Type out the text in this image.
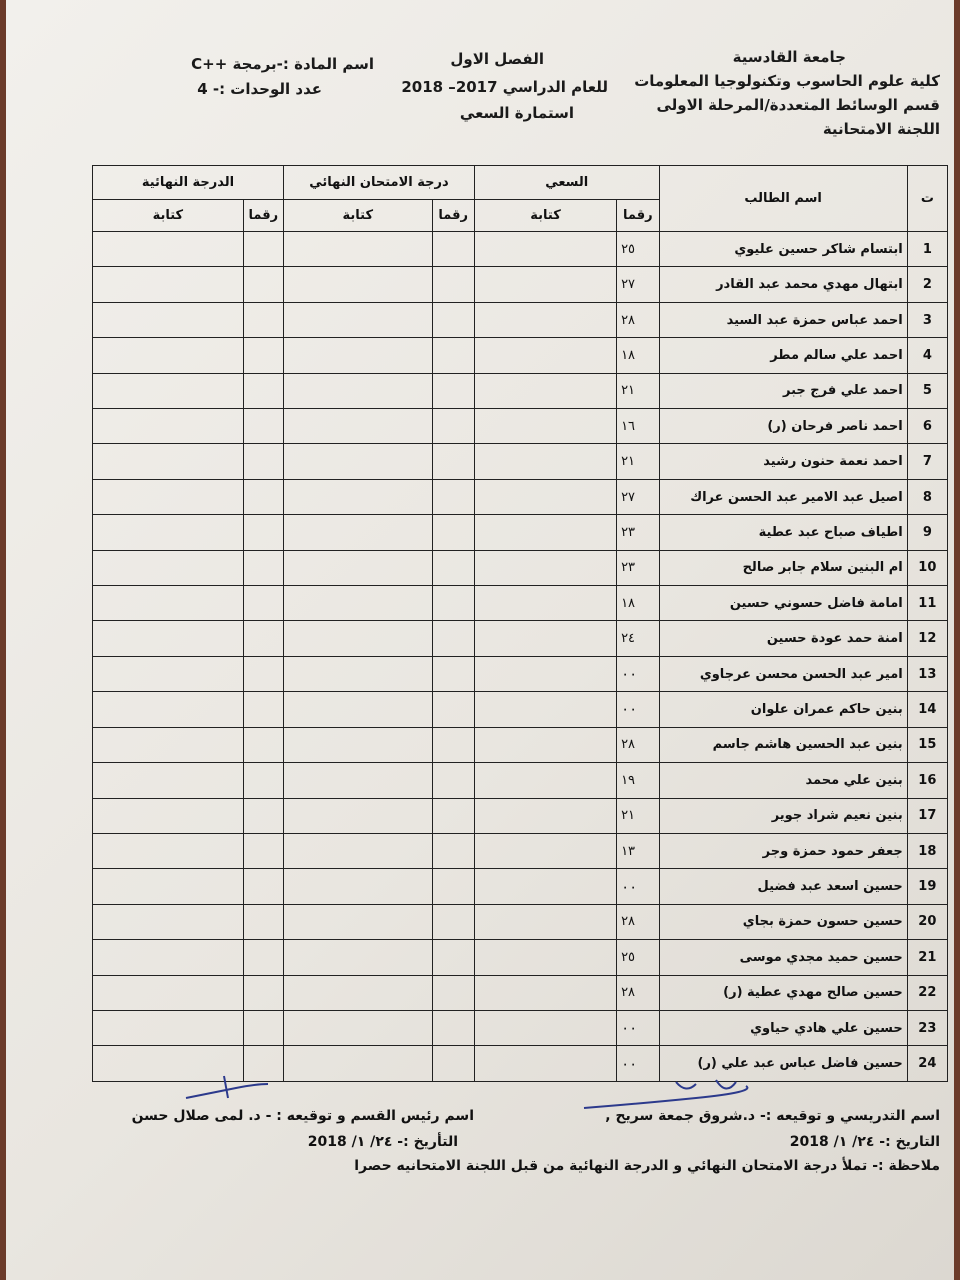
جامعة القادسية
كلية علوم الحاسوب وتكنولوجيا المعلومات
قسم الوسائط المتعددة/المرحلة الاولى
اللجنة الامتحانية
الفصل الاول
اسم المادة :-برمجة ++C
للعام الدراسي 2017– 2018
عدد الوحدات :- 4
استمارة السعي
ت	اسم الطالب	السعي		درجة الامتحان النهائي		الدرجة النهائية	
		رقما	كتابة	رقما	كتابة	رقما	كتابة
1	ابتسام شاكر حسين عليوي	٢٥					
2	ابتهال مهدي محمد عبد القادر	٢٧					
3	احمد عباس حمزة عبد السيد	٢٨					
4	احمد علي سالم مطر	١٨					
5	احمد علي فرج جبر	٢١					
6	احمد ناصر فرحان (ر)	١٦					
7	احمد نعمة حنون رشيد	٢١					
8	اصيل عبد الامير عبد الحسن عراك	٢٧					
9	اطياف صباح عبد عطية	٢٣					
10	ام البنين سلام جابر صالح	٢٣					
11	امامة فاضل حسوني حسين	١٨					
12	امنة حمد عودة حسين	٢٤					
13	امير عبد الحسن محسن عرجاوي	٠٠					
14	بنين حاكم عمران علوان	٠٠					
15	بنين عبد الحسين هاشم جاسم	٢٨					
16	بنين علي محمد	١٩					
17	بنين نعيم شراد جوير	٢١					
18	جعفر حمود حمزة وجر	١٣					
19	حسين اسعد عبد فضيل	٠٠					
20	حسين حسون حمزة بجاي	٢٨					
21	حسين حميد مجدي موسى	٢٥					
22	حسين صالح مهدي عطية (ر)	٢٨					
23	حسين علي هادي حياوي	٠٠					
24	حسين فاضل عباس عبد علي (ر)	٠٠					
اسم التدريسي و توقيعه :- د.شروق جمعة سريح ,
اسم رئيس القسم و توقيعه : - د. لمى صلال حسن
التاريخ :- ٢٤/ ١/ 2018
التأريخ :- ٢٤/ ١/ 2018
ملاحظة :- تملأ درجة الامتحان النهائي و الدرجة النهائية من قبل اللجنة الامتحانيه حصرا
